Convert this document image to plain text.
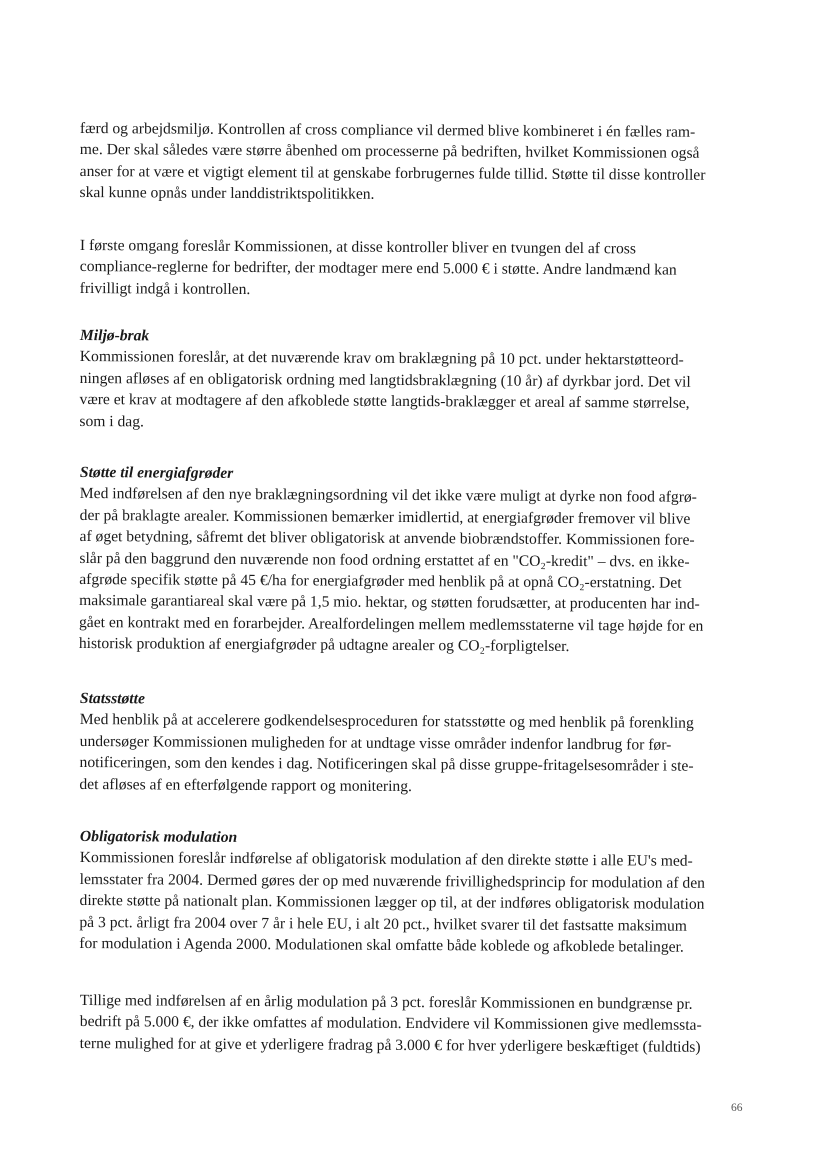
færd og arbejdsmiljø. Kontrollen af cross compliance vil dermed blive kombineret i én fælles ram-
me. Der skal således være større åbenhed om processerne på bedriften, hvilket Kommissionen også
anser for at være et vigtigt element til at genskabe forbrugernes fulde tillid. Støtte til disse kontroller
skal kunne opnås under landdistriktspolitikken.
I første omgang foreslår Kommissionen, at disse kontroller bliver en tvungen del af cross
compliance-reglerne for bedrifter, der modtager mere end 5.000 € i støtte. Andre landmænd kan
frivilligt indgå i kontrollen.

Miljø-brak

Kommissionen foreslår, at det nuværende krav om braklægning på 10 pct. under hektarstøtteord-
ningen afløses af en obligatorisk ordning med langtidsbraklægning (10 år) af dyrkbar jord. Det vil
være et krav at modtagere af den afkoblede støtte langtids-braklægger et areal af samme størrelse,
som i dag.

Støtte til energiafgrøder

Med indførelsen af den nye braklægningsordning vil det ikke være muligt at dyrke non food afgrø-
der på braklagte arealer. Kommissionen bemærker imidlertid, at energiafgrøder fremover vil blive
af øget betydning, såfremt det bliver obligatorisk at anvende biobrændstoffer. Kommissionen fore-
slår på den baggrund den nuværende non food ordning erstattet af en "CO₂-kredit" – dvs. en ikke-
afgrøde specifik støtte på 45 €/ha for energiafgrøder med henblik på at opnå CO₂-erstatning. Det
maksimale garantiareal skal være på 1,5 mio. hektar, og støtten forudsætter, at producenten har ind-
gået en kontrakt med en forarbejder. Arealfordelingen mellem medlemsstaterne vil tage højde for en
historisk produktion af energiafgrøder på udtagne arealer og CO₂-forpligtelser.

Statsstøtte

Med henblik på at accelerere godkendelsesproceduren for statsstøtte og med henblik på forenkling
undersøger Kommissionen muligheden for at undtage visse områder indenfor landbrug for før-
notificeringen, som den kendes i dag. Notificeringen skal på disse gruppe-fritagelsesområder i ste-
det afløses af en efterfølgende rapport og monitering.

Obligatorisk modulation

Kommissionen foreslår indførelse af obligatorisk modulation af den direkte støtte i alle EU's med-
lemsstater fra 2004. Dermed gøres der op med nuværende frivillighedsprincip for modulation af den
direkte støtte på nationalt plan. Kommissionen lægger op til, at der indføres obligatorisk modulation
på 3 pct. årligt fra 2004 over 7 år i hele EU, i alt 20 pct., hvilket svarer til det fastsatte maksimum
for modulation i Agenda 2000. Modulationen skal omfatte både koblede og afkoblede betalinger.
Tillige med indførelsen af en årlig modulation på 3 pct. foreslår Kommissionen en bundgrænse pr.
bedrift på 5.000 €, der ikke omfattes af modulation. Endvidere vil Kommissionen give medlemssta-
terne mulighed for at give et yderligere fradrag på 3.000 € for hver yderligere beskæftiget (fuldtids)
66
